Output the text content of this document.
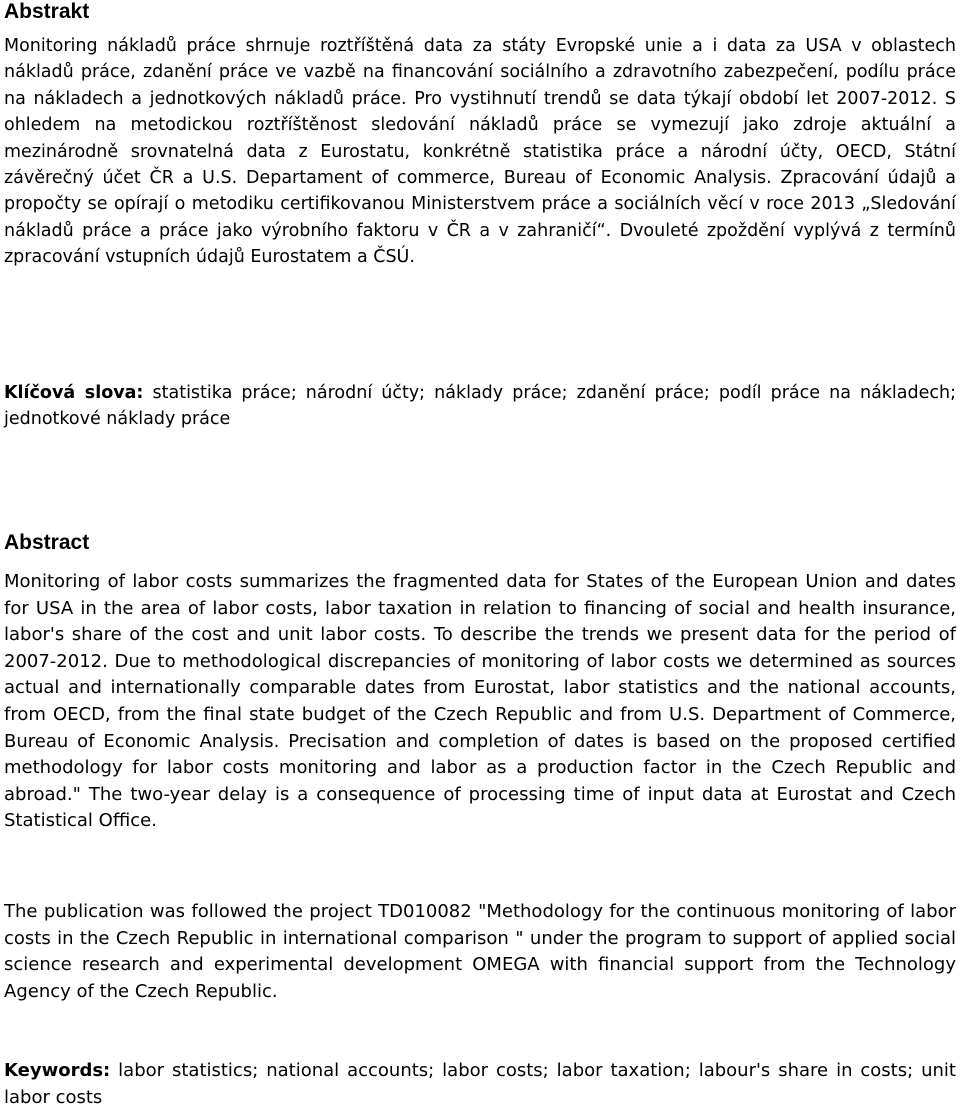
Abstrakt

Monitoring nákladů práce shrnuje roztříštěná data za státy Evropské unie a i data za USA v oblastech nákladů práce, zdanění práce ve vazbě na financování sociálního a zdravotního zabezpečení, podílu práce na nákladech a jednotkových nákladů práce. Pro vystihnutí trendů se data týkají období let 2007-2012. S ohledem na metodickou roztříštěnost sledování nákladů práce se vymezují jako zdroje aktuální a mezinárodně srovnatelná data z Eurostatu, konkrétně statistika práce a národní účty, OECD, Státní závěrečný účet ČR a U.S. Departament of commerce, Bureau of Economic Analysis. Zpracování údajů a propočty se opírají o metodiku certifikovanou Ministerstvem práce a sociálních věcí v roce 2013 „Sledování nákladů práce a práce jako výrobního faktoru v ČR a v zahraničí“. Dvouleté zpoždění vyplývá z termínů zpracování vstupních údajů Eurostatem a ČSÚ.

Klíčová slova: statistika práce; národní účty; náklady práce; zdanění práce; podíl práce na nákladech; jednotkové náklady práce

Abstract

Monitoring of labor costs summarizes the fragmented data for States of the European Union and dates for USA in the area of labor costs, labor taxation in relation to financing of social and health insurance, labor's share of the cost and unit labor costs. To describe the trends we present data for the period of 2007-2012. Due to methodological discrepancies of monitoring of labor costs we determined as sources actual and internationally comparable dates from Eurostat, labor statistics and the national accounts, from OECD, from the final state budget of the Czech Republic and from U.S. Department of Commerce, Bureau of Economic Analysis. Precisation and completion of dates is based on the proposed certified methodology for labor costs monitoring and labor as a production factor in the Czech Republic and abroad." The two-year delay is a consequence of processing time of input data at Eurostat and Czech Statistical Office.

The publication was followed the project TD010082 "Methodology for the continuous monitoring of labor costs in the Czech Republic in international comparison " under the program to support of applied social science research and experimental development OMEGA with financial support from the Technology Agency of the Czech Republic.

Keywords: labor statistics; national accounts; labor costs; labor taxation; labour's share in costs; unit labor costs
